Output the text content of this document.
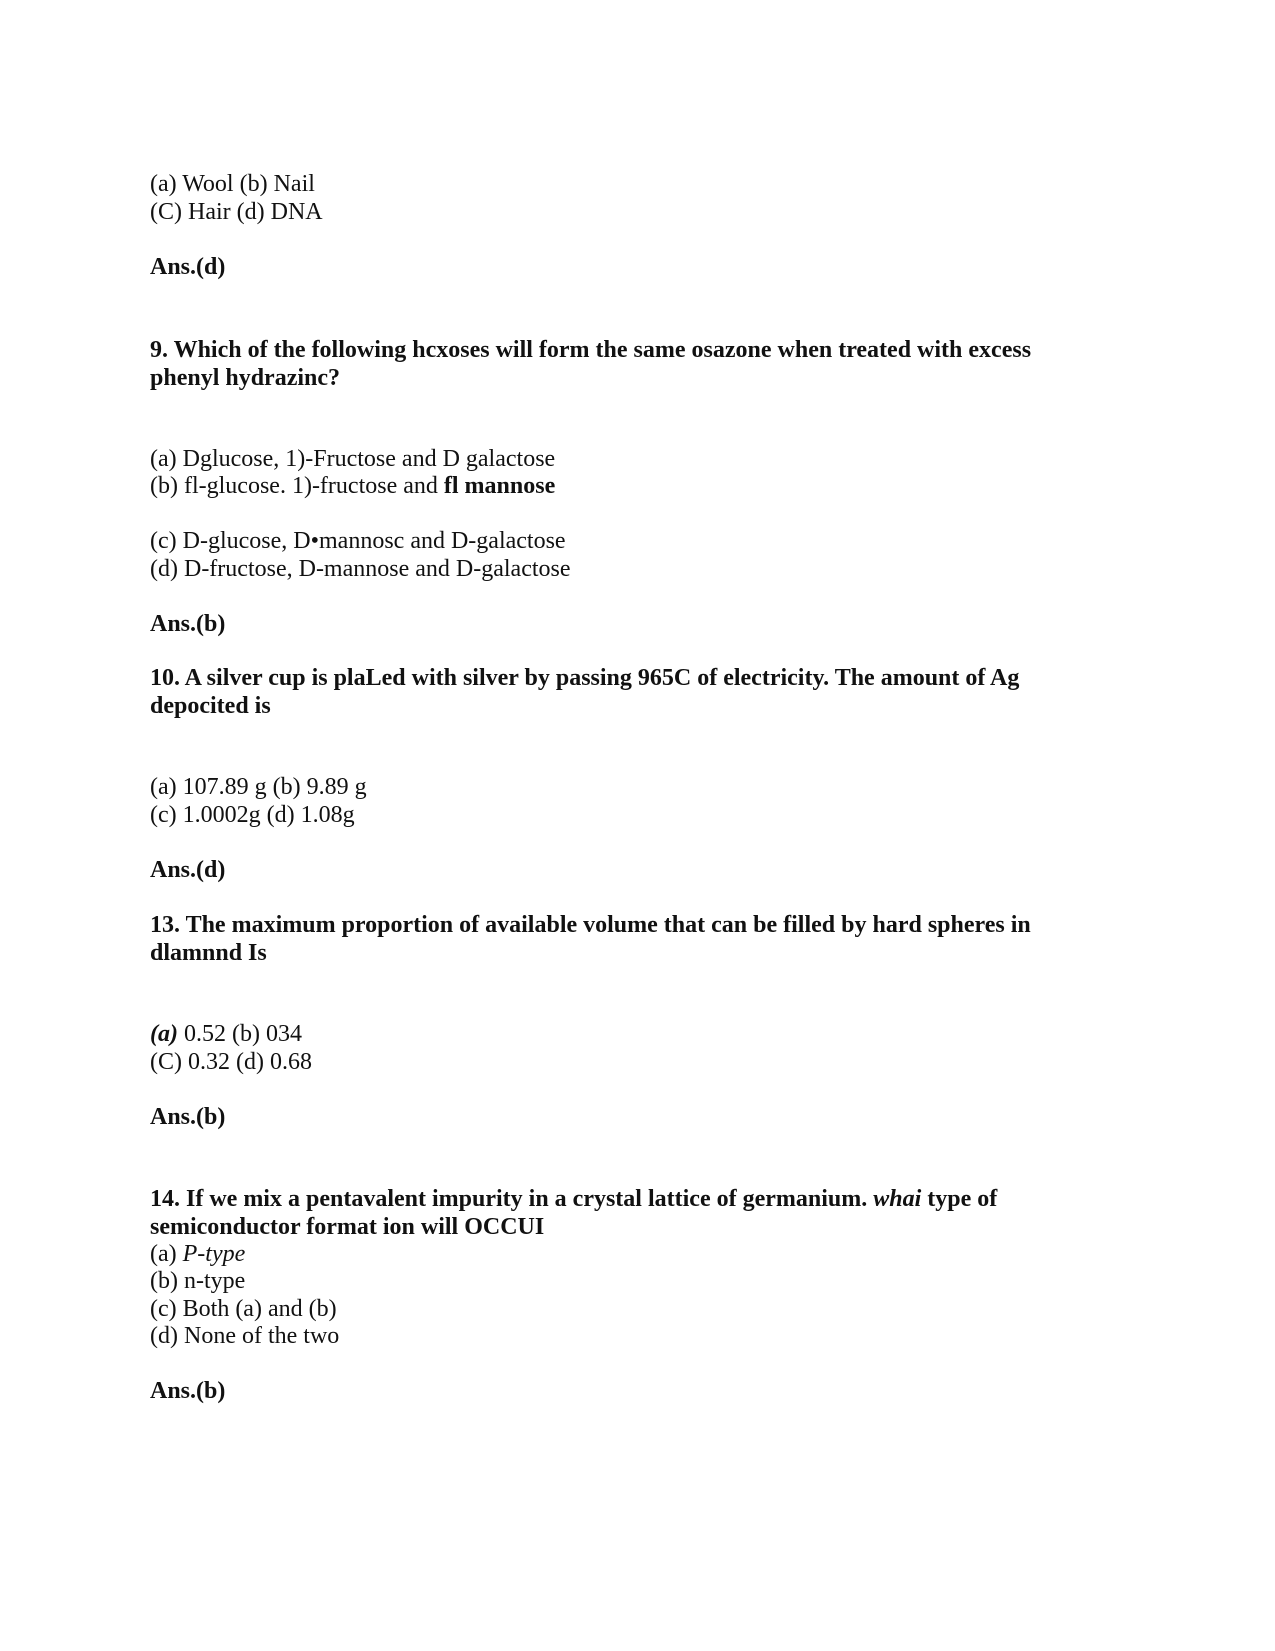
(a) Wool (b) Nail
(C) Hair (d) DNA
Ans.(d)
9. Which of the following hcxoses will form the same osazone when treated with excess
phenyl hydrazinc?
(a) Dglucose, 1)-Fructose and D galactose
(b) fl-glucose. 1)-fructose and fl mannose
(c) D-glucose, D•mannosc and D-galactose
(d) D-fructose, D-mannose and D-galactose
Ans.(b)
10. A silver cup is plaLed with silver by passing 965C of electricity. The amount of Ag
depocited is
(a) 107.89 g (b) 9.89 g
(c) 1.0002g (d) 1.08g
Ans.(d)
13. The maximum proportion of available volume that can be filled by hard spheres in
dlamnnd Is
(a) 0.52 (b) 034
(C) 0.32 (d) 0.68
Ans.(b)
14. If we mix a pentavalent impurity in a crystal lattice of germanium. whai type of
semiconductor format ion will OCCUI
(a) P-type
(b) n-type
(c) Both (a) and (b)
(d) None of the two
Ans.(b)
